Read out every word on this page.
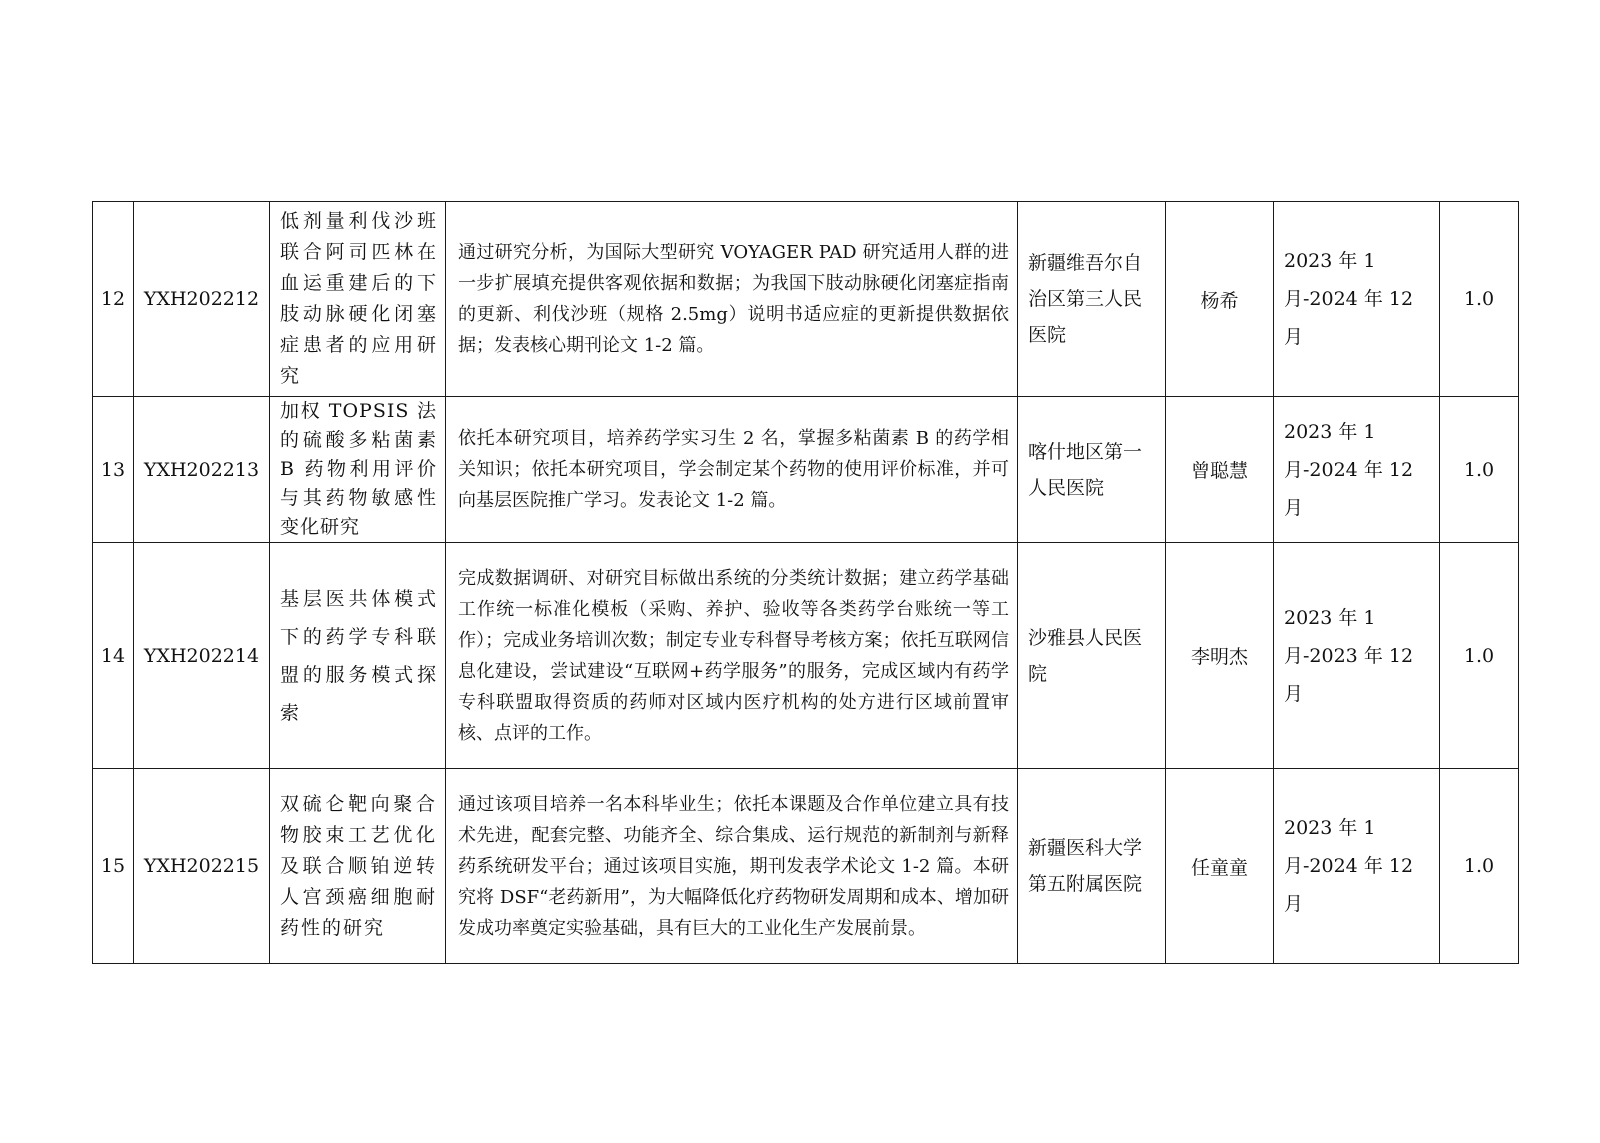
12	YXH202212	低剂量利伐沙班联合阿司匹林在血运重建后的下肢动脉硬化闭塞症患者的应用研究	通过研究分析，为国际大型研究 VOYAGER PAD 研究适用人群的进一步扩展填充提供客观依据和数据；为我国下肢动脉硬化闭塞症指南的更新、利伐沙班（规格 2.5mg）说明书适应症的更新提供数据依据；发表核心期刊论文 1-2 篇。	新疆维吾尔自治区第三人民医院	杨希	2023 年 1 月-2024 年 12 月	1.0
13	YXH202213	加权 TOPSIS 法的硫酸多粘菌素 B 药物利用评价与其药物敏感性变化研究	依托本研究项目，培养药学实习生 2 名，掌握多粘菌素 B 的药学相关知识；依托本研究项目，学会制定某个药物的使用评价标准，并可向基层医院推广学习。发表论文 1-2 篇。	喀什地区第一人民医院	曾聪慧	2023 年 1 月-2024 年 12 月	1.0
14	YXH202214	基层医共体模式下的药学专科联盟的服务模式探索	完成数据调研、对研究目标做出系统的分类统计数据；建立药学基础工作统一标准化模板（采购、养护、验收等各类药学台账统一等工作）；完成业务培训次数；制定专业专科督导考核方案；依托互联网信息化建设，尝试建设“互联网+药学服务”的服务，完成区域内有药学专科联盟取得资质的药师对区域内医疗机构的处方进行区域前置审核、点评的工作。	沙雅县人民医院	李明杰	2023 年 1 月-2023 年 12 月	1.0
15	YXH202215	双硫仑靶向聚合物胶束工艺优化及联合顺铂逆转人宫颈癌细胞耐药性的研究	通过该项目培养一名本科毕业生；依托本课题及合作单位建立具有技术先进，配套完整、功能齐全、综合集成、运行规范的新制剂与新释药系统研发平台；通过该项目实施，期刊发表学术论文 1-2 篇。本研究将 DSF“老药新用”，为大幅降低化疗药物研发周期和成本、增加研发成功率奠定实验基础，具有巨大的工业化生产发展前景。	新疆医科大学第五附属医院	任童童	2023 年 1 月-2024 年 12 月	1.0
